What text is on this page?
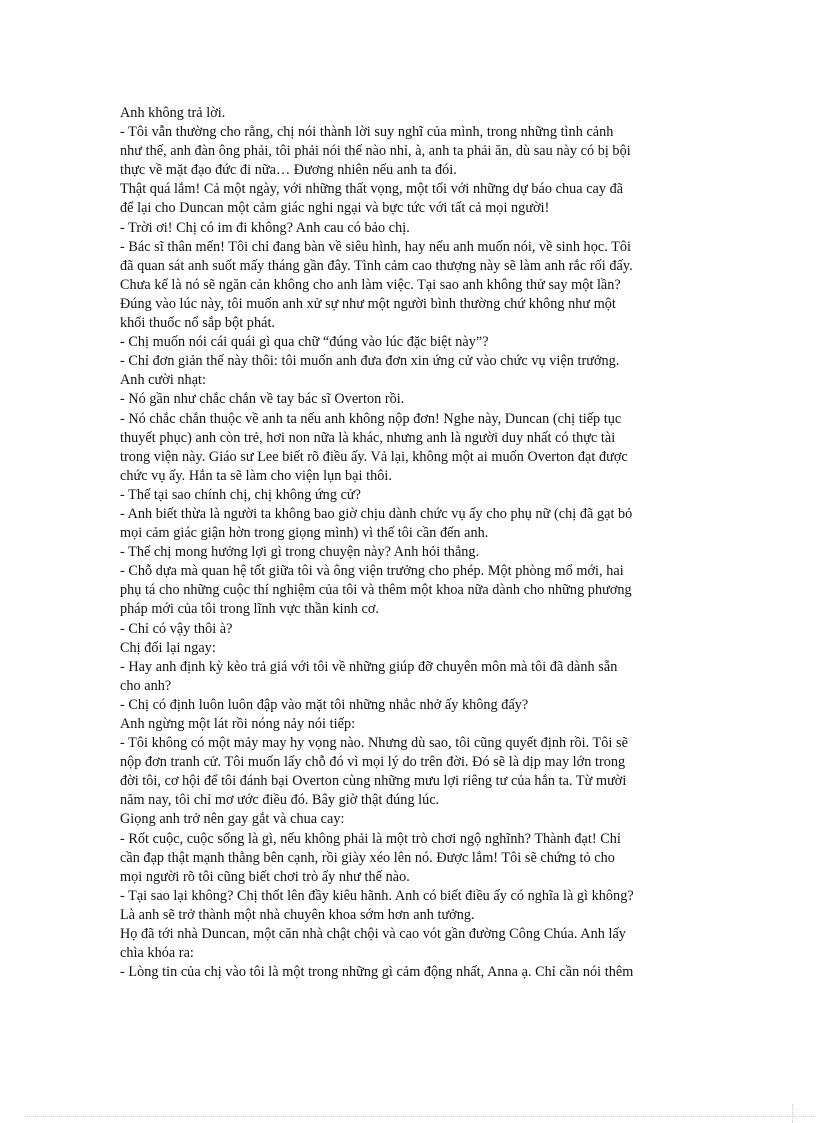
Anh không trả lời.
- Tôi vẫn thường cho rằng, chị nói thành lời suy nghĩ của mình, trong những tình cảnh
như thế, anh đàn ông phải, tôi phải nói thế nào nhỉ, à, anh ta phải ăn, dù sau này có bị bội
thực về mặt đạo đức đi nữa… Đương nhiên nếu anh ta đói.
Thật quá lắm! Cả một ngày, với những thất vọng, một tối với những dự báo chua cay đã
để lại cho Duncan một cảm giác nghi ngại và bực tức với tất cả mọi người!
- Trời ơi! Chị có im đi không? Anh cau có bảo chị.
- Bác sĩ thân mến! Tôi chỉ đang bàn về siêu hình, hay nếu anh muốn nói, về sinh học. Tôi
đã quan sát anh suốt mấy tháng gần đây. Tình cảm cao thượng này sẽ làm anh rắc rối đấy.
Chưa kể là nó sẽ ngăn cản không cho anh làm việc. Tại sao anh không thử say một lần?
Đúng vào lúc này, tôi muốn anh xử sự như một người bình thường chứ không như một
khối thuốc nổ sắp bột phát.
- Chị muốn nói cái quái gì qua chữ “đúng vào lúc đặc biệt này”?
- Chỉ đơn giản thế này thôi: tôi muốn anh đưa đơn xin ứng cử vào chức vụ viện trưởng.
Anh cười nhạt:
- Nó gần như chắc chắn về tay bác sĩ Overton rồi.
- Nó chắc chắn thuộc về anh ta nếu anh không nộp đơn! Nghe này, Duncan (chị tiếp tục
thuyết phục) anh còn trẻ, hơi non nữa là khác, nhưng anh là người duy nhất có thực tài
trong viện này. Giáo sư Lee biết rõ điều ấy. Vả lại, không một ai muốn Overton đạt được
chức vụ ấy. Hắn ta sẽ làm cho viện lụn bại thôi.
- Thế tại sao chính chị, chị không ứng cử?
- Anh biết thừa là người ta không bao giờ chịu dành chức vụ ấy cho phụ nữ (chị đã gạt bỏ
mọi cảm giác giận hờn trong giọng mình) vì thế tôi cần đến anh.
- Thế chị mong hưởng lợi gì trong chuyện này? Anh hỏi thẳng.
- Chỗ dựa mà quan hệ tốt giữa tôi và ông viện trưởng cho phép. Một phòng mổ mới, hai
phụ tá cho những cuộc thí nghiệm của tôi và thêm một khoa nữa dành cho những phương
pháp mới của tôi trong lĩnh vực thần kinh cơ.
- Chỉ có vậy thôi à?
Chị đối lại ngay:
- Hay anh định kỳ kèo trả giá với tôi về những giúp đỡ chuyên môn mà tôi đã dành sẵn
cho anh?
- Chị có định luôn luôn đập vào mặt tôi những nhắc nhở ấy không đấy?
Anh ngừng một lát rồi nóng nảy nói tiếp:
- Tôi không có một mảy may hy vọng nào. Nhưng dù sao, tôi cũng quyết định rồi. Tôi sẽ
nộp đơn tranh cử. Tôi muốn lấy chỗ đó vì mọi lý do trên đời. Đó sẽ là dịp may lớn trong
đời tôi, cơ hội để tôi đánh bại Overton cùng những mưu lợi riêng tư của hắn ta. Từ mười
năm nay, tôi chỉ mơ ước điều đó. Bây giờ thật đúng lúc.
Giọng anh trở nên gay gắt và chua cay:
- Rốt cuộc, cuộc sống là gì, nếu không phải là một trò chơi ngộ nghĩnh? Thành đạt! Chỉ
cần đạp thật mạnh thằng bên cạnh, rồi giày xéo lên nó. Được lắm! Tôi sẽ chứng tỏ cho
mọi người rõ tôi cũng biết chơi trò ấy như thế nào.
- Tại sao lại không? Chị thốt lên đầy kiêu hãnh. Anh có biết điều ấy có nghĩa là gì không?
Là anh sẽ trở thành một nhà chuyên khoa sớm hơn anh tưởng.
Họ đã tới nhà Duncan, một căn nhà chật chội và cao vót gần đường Công Chúa. Anh lấy
chìa khóa ra:
- Lòng tin của chị vào tôi là một trong những gì cảm động nhất, Anna ạ. Chỉ cần nói thêm
